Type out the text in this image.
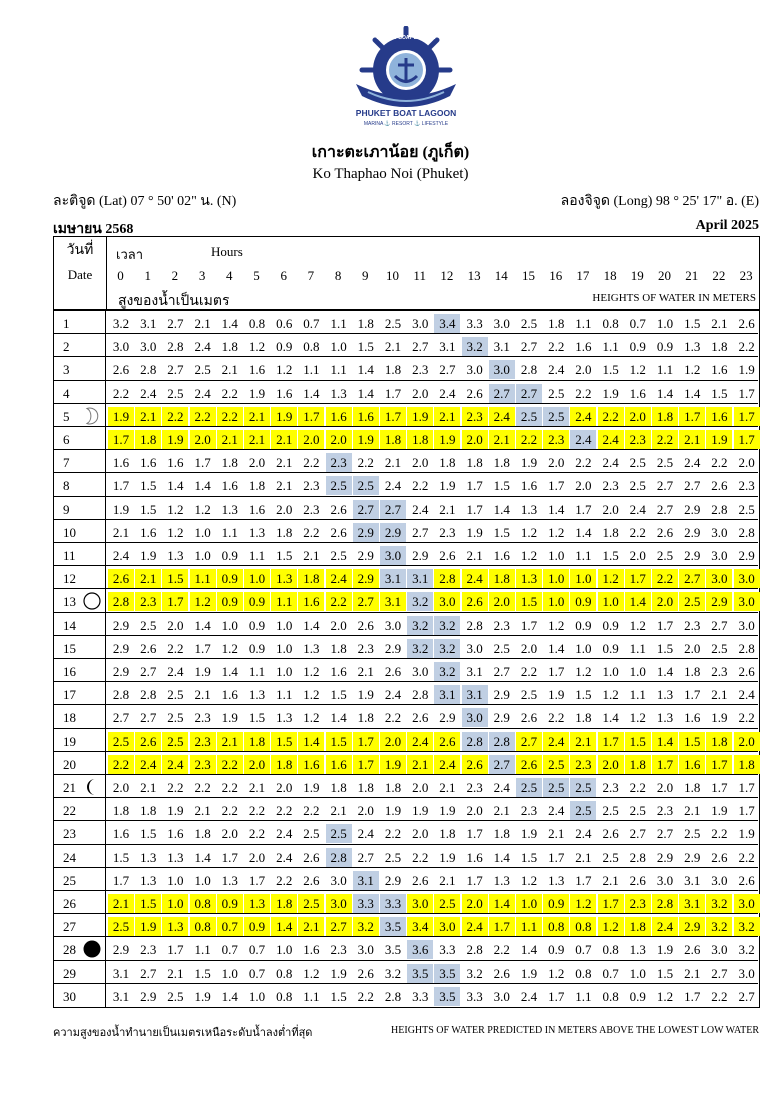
PHUKET BOAT LAGOON
PHUKET BOAT LAGOON
MARINA ⚓ RESORT ⚓ LIFESTYLE
เกาะตะเภาน้อย (ภูเก็ต)
Ko Thaphao Noi (Phuket)
ละติจูด (Lat) 07 ° 50' 02" น. (N)	ลองจิจูด (Long) 98 ° 25' 17" อ. (E)
เมษายน 2568	April 2025
วันที่
Date
เวลา	Hours
สูงของน้ำเป็นเมตร	HEIGHTS OF WATER IN METERS
0	1	2	3	4	5	6	7	8	9	10	11	12	13	14	15	16	17	18	19	20	21	22	23
1	3.2 3.1 2.7 2.1 1.4 0.8 0.6 0.7 1.1 1.8 2.5 3.0 3.4 3.3 3.0 2.5 1.8 1.1 0.8 0.7 1.0 1.5 2.1 2.6
2	3.0 3.0 2.8 2.4 1.8 1.2 0.9 0.8 1.0 1.5 2.1 2.7 3.1 3.2 3.1 2.7 2.2 1.6 1.1 0.9 0.9 1.3 1.8 2.2
3	2.6 2.8 2.7 2.5 2.1 1.6 1.2 1.1 1.1 1.4 1.8 2.3 2.7 3.0 3.0 2.8 2.4 2.0 1.5 1.2 1.1 1.2 1.6 1.9
4	2.2 2.4 2.5 2.4 2.2 1.9 1.6 1.4 1.3 1.4 1.7 2.0 2.4 2.6 2.7 2.7 2.5 2.2 1.9 1.6 1.4 1.4 1.5 1.7
5	1.9 2.1 2.2 2.2 2.2 2.1 1.9 1.7 1.6 1.6 1.7 1.9 2.1 2.3 2.4 2.5 2.5 2.4 2.2 2.0 1.8 1.7 1.6 1.7
6	1.7 1.8 1.9 2.0 2.1 2.1 2.1 2.0 2.0 1.9 1.8 1.8 1.9 2.0 2.1 2.2 2.3 2.4 2.4 2.3 2.2 2.1 1.9 1.7
7	1.6 1.6 1.6 1.7 1.8 2.0 2.1 2.2 2.3 2.2 2.1 2.0 1.8 1.8 1.8 1.9 2.0 2.2 2.4 2.5 2.5 2.4 2.2 2.0
8	1.7 1.5 1.4 1.4 1.6 1.8 2.1 2.3 2.5 2.5 2.4 2.2 1.9 1.7 1.5 1.6 1.7 2.0 2.3 2.5 2.7 2.7 2.6 2.3
9	1.9 1.5 1.2 1.2 1.3 1.6 2.0 2.3 2.6 2.7 2.7 2.4 2.1 1.7 1.4 1.3 1.4 1.7 2.0 2.4 2.7 2.9 2.8 2.5
10	2.1 1.6 1.2 1.0 1.1 1.3 1.8 2.2 2.6 2.9 2.9 2.7 2.3 1.9 1.5 1.2 1.2 1.4 1.8 2.2 2.6 2.9 3.0 2.8
11	2.4 1.9 1.3 1.0 0.9 1.1 1.5 2.1 2.5 2.9 3.0 2.9 2.6 2.1 1.6 1.2 1.0 1.1 1.5 2.0 2.5 2.9 3.0 2.9
12	2.6 2.1 1.5 1.1 0.9 1.0 1.3 1.8 2.4 2.9 3.1 3.1 2.8 2.4 1.8 1.3 1.0 1.0 1.2 1.7 2.2 2.7 3.0 3.0
13	2.8 2.3 1.7 1.2 0.9 0.9 1.1 1.6 2.2 2.7 3.1 3.2 3.0 2.6 2.0 1.5 1.0 0.9 1.0 1.4 2.0 2.5 2.9 3.0
14	2.9 2.5 2.0 1.4 1.0 0.9 1.0 1.4 2.0 2.6 3.0 3.2 3.2 2.8 2.3 1.7 1.2 0.9 0.9 1.2 1.7 2.3 2.7 3.0
15	2.9 2.6 2.2 1.7 1.2 0.9 1.0 1.3 1.8 2.3 2.9 3.2 3.2 3.0 2.5 2.0 1.4 1.0 0.9 1.1 1.5 2.0 2.5 2.8
16	2.9 2.7 2.4 1.9 1.4 1.1 1.0 1.2 1.6 2.1 2.6 3.0 3.2 3.1 2.7 2.2 1.7 1.2 1.0 1.0 1.4 1.8 2.3 2.6
17	2.8 2.8 2.5 2.1 1.6 1.3 1.1 1.2 1.5 1.9 2.4 2.8 3.1 3.1 2.9 2.5 1.9 1.5 1.2 1.1 1.3 1.7 2.1 2.4
18	2.7 2.7 2.5 2.3 1.9 1.5 1.3 1.2 1.4 1.8 2.2 2.6 2.9 3.0 2.9 2.6 2.2 1.8 1.4 1.2 1.3 1.6 1.9 2.2
19	2.5 2.6 2.5 2.3 2.1 1.8 1.5 1.4 1.5 1.7 2.0 2.4 2.6 2.8 2.8 2.7 2.4 2.1 1.7 1.5 1.4 1.5 1.8 2.0
20	2.2 2.4 2.4 2.3 2.2 2.0 1.8 1.6 1.6 1.7 1.9 2.1 2.4 2.6 2.7 2.6 2.5 2.3 2.0 1.8 1.7 1.6 1.7 1.8
21	2.0 2.1 2.2 2.2 2.2 2.1 2.0 1.9 1.8 1.8 1.8 2.0 2.1 2.3 2.4 2.5 2.5 2.5 2.3 2.2 2.0 1.8 1.7 1.7
22	1.8 1.8 1.9 2.1 2.2 2.2 2.2 2.2 2.1 2.0 1.9 1.9 1.9 2.0 2.1 2.3 2.4 2.5 2.5 2.5 2.3 2.1 1.9 1.7
23	1.6 1.5 1.6 1.8 2.0 2.2 2.4 2.5 2.5 2.4 2.2 2.0 1.8 1.7 1.8 1.9 2.1 2.4 2.6 2.7 2.7 2.5 2.2 1.9
24	1.5 1.3 1.3 1.4 1.7 2.0 2.4 2.6 2.8 2.7 2.5 2.2 1.9 1.6 1.4 1.5 1.7 2.1 2.5 2.8 2.9 2.9 2.6 2.2
25	1.7 1.3 1.0 1.0 1.3 1.7 2.2 2.6 3.0 3.1 2.9 2.6 2.1 1.7 1.3 1.2 1.3 1.7 2.1 2.6 3.0 3.1 3.0 2.6
26	2.1 1.5 1.0 0.8 0.9 1.3 1.8 2.5 3.0 3.3 3.3 3.0 2.5 2.0 1.4 1.0 0.9 1.2 1.7 2.3 2.8 3.1 3.2 3.0
27	2.5 1.9 1.3 0.8 0.7 0.9 1.4 2.1 2.7 3.2 3.5 3.4 3.0 2.4 1.7 1.1 0.8 0.8 1.2 1.8 2.4 2.9 3.2 3.2
28	2.9 2.3 1.7 1.1 0.7 0.7 1.0 1.6 2.3 3.0 3.5 3.6 3.3 2.8 2.2 1.4 0.9 0.7 0.8 1.3 1.9 2.6 3.0 3.2
29	3.1 2.7 2.1 1.5 1.0 0.7 0.8 1.2 1.9 2.6 3.2 3.5 3.5 3.2 2.6 1.9 1.2 0.8 0.7 1.0 1.5 2.1 2.7 3.0
30	3.1 2.9 2.5 1.9 1.4 1.0 0.8 1.1 1.5 2.2 2.8 3.3 3.5 3.3 3.0 2.4 1.7 1.1 0.8 0.9 1.2 1.7 2.2 2.7
ความสูงของน้ำทำนายเป็นเมตรเหนือระดับน้ำลงต่ำที่สุด	HEIGHTS OF WATER PREDICTED IN METERS ABOVE THE LOWEST LOW WATER
